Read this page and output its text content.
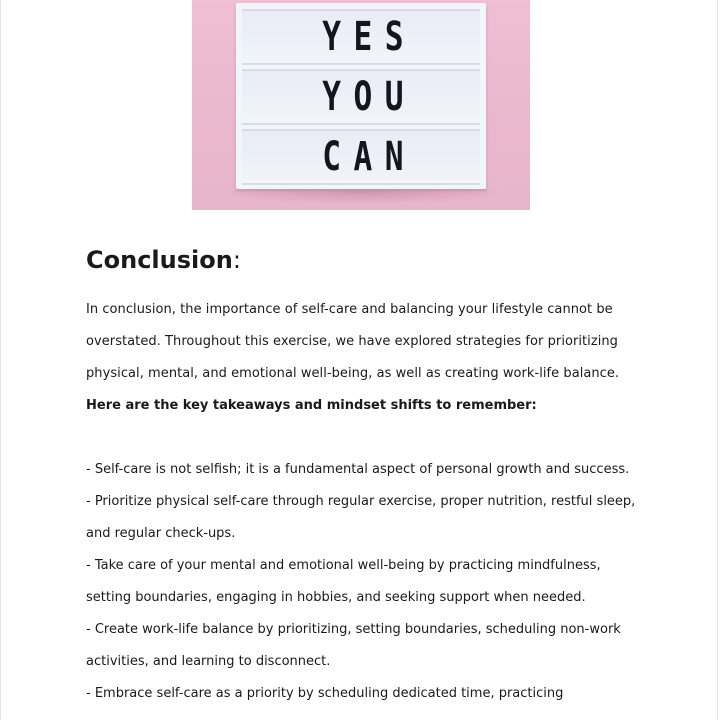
YES
YOU
CAN
Conclusion:

In conclusion, the importance of self-care and balancing your lifestyle cannot be
overstated. Throughout this exercise, we have explored strategies for prioritizing
physical, mental, and emotional well-being, as well as creating work-life balance.

Here are the key takeaways and mindset shifts to remember:

- Self-care is not selfish; it is a fundamental aspect of personal growth and success.
- Prioritize physical self-care through regular exercise, proper nutrition, restful sleep,
and regular check-ups.
- Take care of your mental and emotional well-being by practicing mindfulness,
setting boundaries, engaging in hobbies, and seeking support when needed.
- Create work-life balance by prioritizing, setting boundaries, scheduling non-work
activities, and learning to disconnect.
- Embrace self-care as a priority by scheduling dedicated time, practicing
